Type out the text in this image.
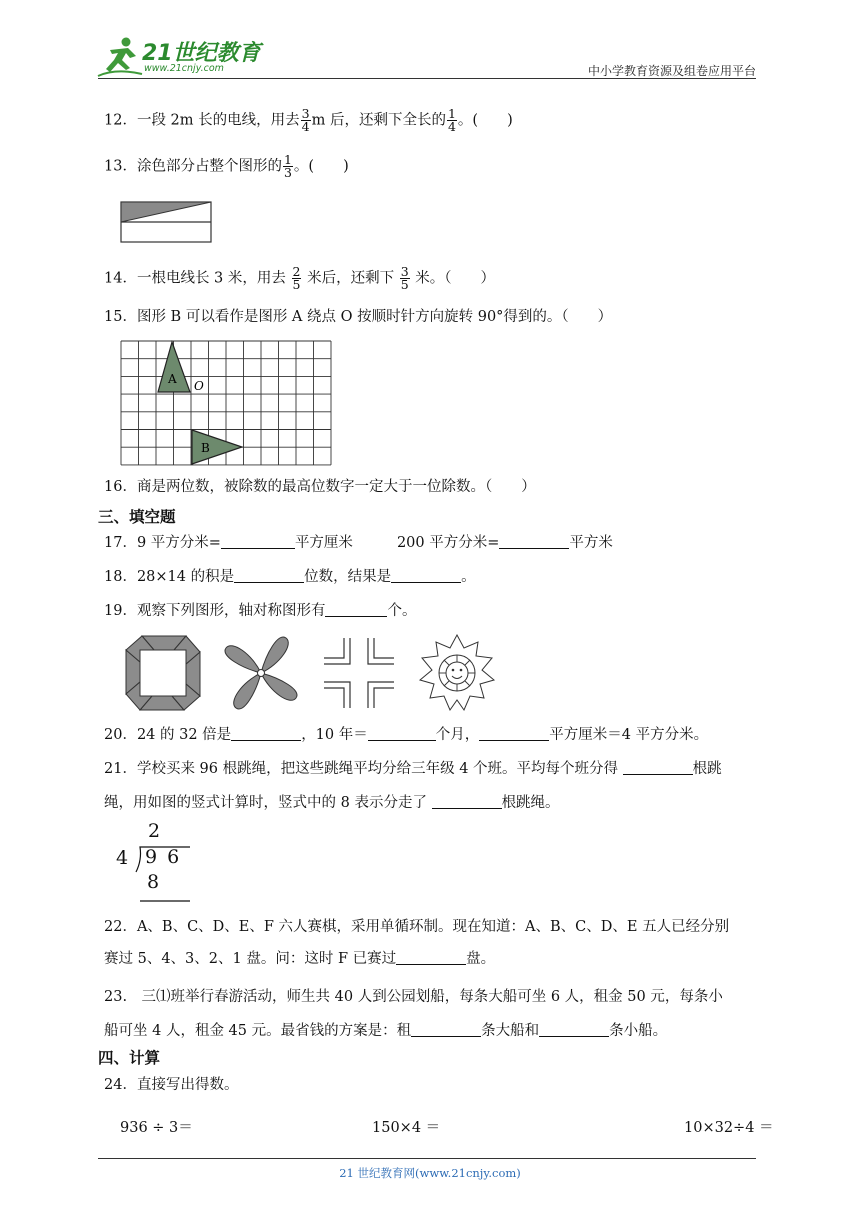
21世纪教育
www.21cnjy.com	中小学教育资源及组卷应用平台
12．一段 2m 长的电线，用去 $\frac{3}{4}$ m 后，还剩下全长的 $\frac{1}{4}$ 。(　　)
13．涂色部分占整个图形的 $\frac{1}{3}$ 。(　　)
14．一根电线长 3 米，用去 $\frac{2}{5}$ 米后，还剩下 $\frac{3}{5}$ 米。（　　）
15．图形 B 可以看作是图形 A 绕点 O 按顺时针方向旋转 90°得到的。（　　）
A
B
O
16．商是两位数，被除数的最高位数字一定大于一位除数。（　　）
三、填空题
17．9 平方分米=	平方厘米	200 平方分米=	平方米
18．28×14 的积是	位数，结果是	。
19．观察下列图形，轴对称图形有	个。
20．24 的 32 倍是	，10 年＝	个月，	平方厘米＝4 平方分米。
21．学校买来 96 根跳绳，把这些跳绳平均分给三年级 4 个班。平均每个班分得	根跳
绳，用如图的竖式计算时，竖式中的 8 表示分走了	根跳绳。
2
4 9 6
8
22．A、B、C、D、E、F 六人赛棋，采用单循环制。现在知道：A、B、C、D、E 五人已经分别
赛过 5、4、3、2、1 盘。问：这时 F 已赛过	盘。
23.　三⑴班举行春游活动，师生共 40 人到公园划船，每条大船可坐 6 人，租金 50 元，每条小
船可坐 4 人，租金 45 元。最省钱的方案是：租	条大船和	条小船。
四、计算
24．直接写出得数。
936 ÷ 3＝	150×4 ＝	10×32÷4 ＝
21 世纪教育网(www.21cnjy.com)
